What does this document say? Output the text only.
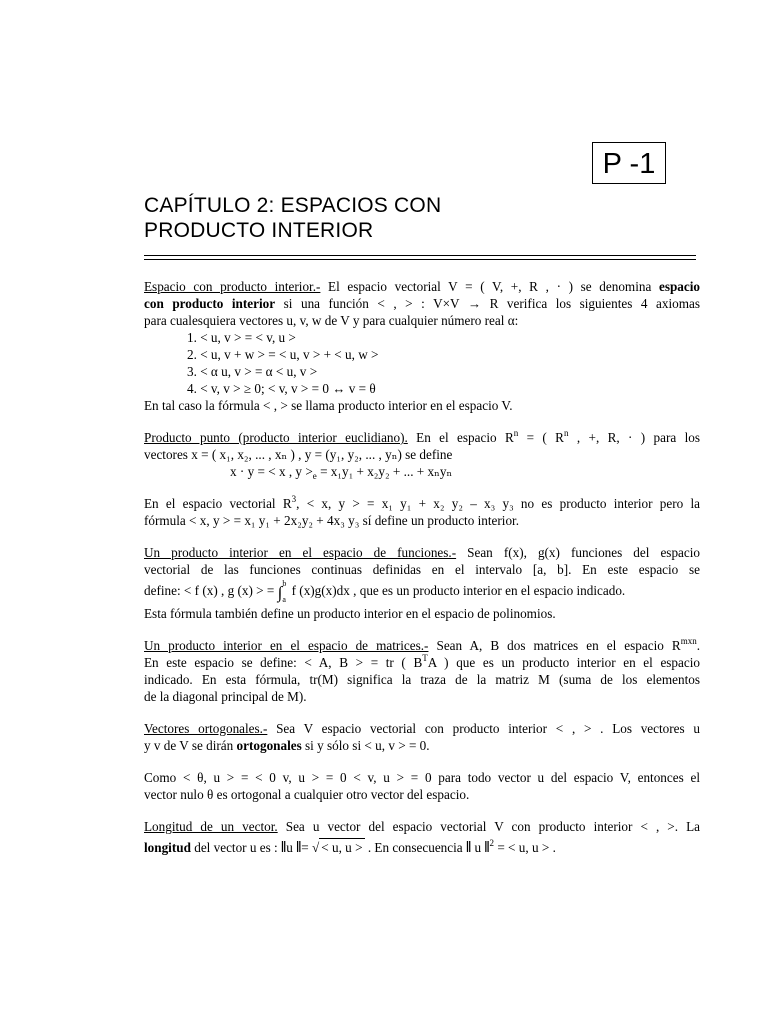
P -1
CAPÍTULO 2: ESPACIOS CON
PRODUCTO INTERIOR
Espacio con producto interior.- El espacio vectorial V = ( V, +, R , · ) se denomina espacio
con producto interior si una función < , > : V×V → R verifica los siguientes 4 axiomas
para cualesquiera vectores u, v, w de V y para cualquier número real α:
1. < u, v > = < v, u >
2. < u, v + w > = < u, v > + < u, w >
3. < α u, v > = α < u, v >
4. < v, v > ≥ 0; < v, v > = 0 ↔ v = θ
En tal caso la fórmula < , > se llama producto interior en el espacio V.
Producto punto (producto interior euclidiano). En el espacio $R^n$ = ( $R^n$ , +, R, · ) para los
vectores x = ( x₁, x₂, ... , xₙ ) , y = (y₁, y₂, ... , yₙ) se define
x · y = < x , $y >_e = x_1y_1 + x_2y_2$ + ... + xₙyₙ
En el espacio vectorial $R^3$, < x, y > = x₁ y₁ + x₂ y₂ – x₃ y₃ no es producto interior pero la
fórmula < x, y > = x₁ y₁ + 2x₂y₂ + 4x₃ y₃ sí define un producto interior.
Un producto interior en el espacio de funciones.- Sean f(x), g(x) funciones del espacio
vectorial de las funciones continuas definidas en el intervalo [a, b]. En este espacio se
define: < f (x) , g (x) > = ∫ b
a
f (x)g(x)dx , que es un producto interior en el espacio indicado.
Esta fórmula también define un producto interior en el espacio de polinomios.
Un producto interior en el espacio de matrices.- Sean A, B dos matrices en el espacio $R^{mxn}$.
En este espacio se define: < A, B > = tr ( $B^TA$ ) que es un producto interior en el espacio
indicado. En esta fórmula, tr(M) significa la traza de la matriz M (suma de los elementos
de la diagonal principal de M).
Vectores ortogonales.- Sea V espacio vectorial con producto interior < , > . Los vectores u
y v de V se dirán ortogonales si y sólo si < u, v > = 0.
Como < θ, u > = < 0 v, u > = 0 < v, u > = 0 para todo vector u del espacio V, entonces el
vector nulo θ es ortogonal a cualquier otro vector del espacio.
Longitud de un vector. Sea u vector del espacio vectorial V con producto interior < , >. La
longitud del vector u es : ‖u ‖= √ < u, u > . En consecuencia ‖ u ‖$^2$ = < u, u > .
